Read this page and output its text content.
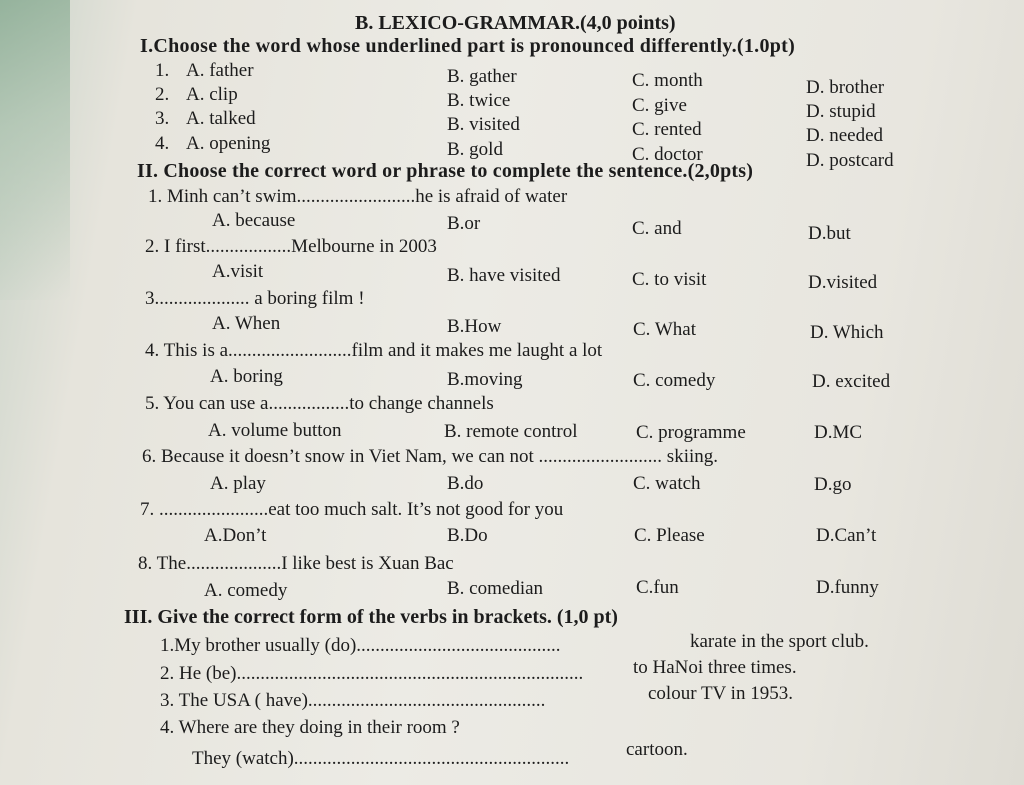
B. LEXICO-GRAMMAR.(4,0 points)
I.Choose the word whose underlined part is pronounced differently.(1.0pt)
1. A. father	B. gather	C. month	D. brother
2. A. clip	B. twice	C. give	D. stupid
3. A. talked	B. visited	C. rented	D. needed
4. A. opening	B. gold	C. doctor	D. postcard
II. Choose the correct word or phrase to complete the sentence.(2,0pts)
1. Minh can’t swim.........................he is afraid of water
A. because	B.or	C. and	D.but
2. I first..................Melbourne in 2003
A.visit	B. have visited	C. to visit	D.visited
3.................... a boring film !
A. When	B.How	C. What	D. Which
4. This is a..........................film and it makes me laught a lot
A. boring	B.moving	C. comedy	D. excited
5. You can use a.................to change channels
A. volume button	B. remote control	C. programme	D.MC
6. Because it doesn’t snow in Viet Nam, we can not .......................... skiing.
A. play	B.do	C. watch	D.go
7. .......................eat too much salt. It’s not good for you
A.Don’t	B.Do	C. Please	D.Can’t
8. The....................I like best is Xuan Bac
A. comedy	B. comedian	C.fun	D.funny
III. Give the correct form of the verbs in brackets. (1,0 pt)
1.My brother usually (do)...........................................	karate in the sport club.
2. He (be).........................................................................	to HaNoi three times.
3. The USA ( have)..................................................	colour TV in 1953.
4. Where are they doing in their room ?
They (watch)..........................................................	cartoon.
